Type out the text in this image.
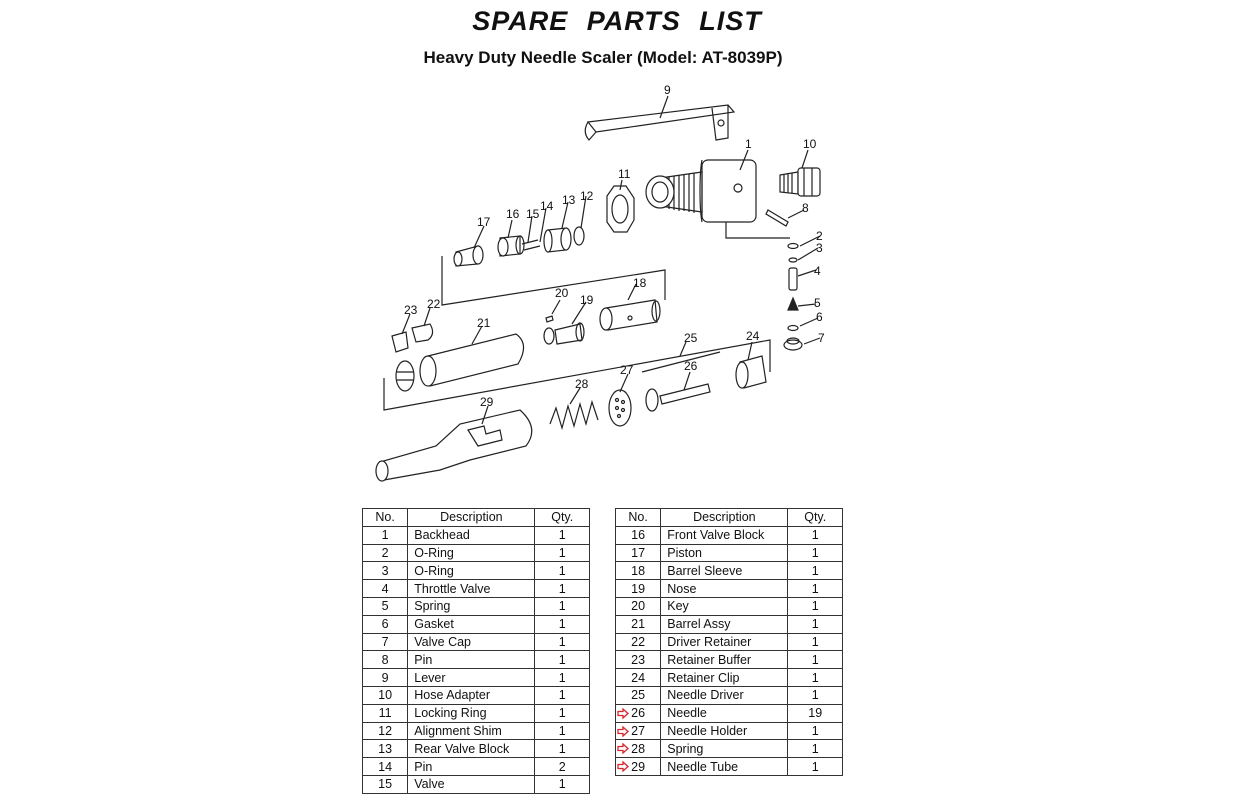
SPARE PARTS LIST
Heavy Duty Needle Scaler (Model: AT-8039P)
9
1	10
8
11
12
13
14
15
16
17
2
3
4
5
6
7
18
19
20
21
22
23
24
25
26
27
28
29
No.	Description	Qty.
1	Backhead	1
2	O-Ring	1
3	O-Ring	1
4	Throttle Valve	1
5	Spring	1
6	Gasket	1
7	Valve Cap	1
8	Pin	1
9	Lever	1
10	Hose Adapter	1
11	Locking Ring	1
12	Alignment Shim	1
13	Rear Valve Block	1
14	Pin	2
15	Valve	1
No.	Description	Qty.
16	Front Valve Block	1
17	Piston	1
18	Barrel Sleeve	1
19	Nose	1
20	Key	1
21	Barrel Assy	1
22	Driver Retainer	1
23	Retainer Buffer	1
24	Retainer Clip	1
25	Needle Driver	1

26	Needle	19

27	Needle Holder	1

28	Spring	1

29	Needle Tube	1
